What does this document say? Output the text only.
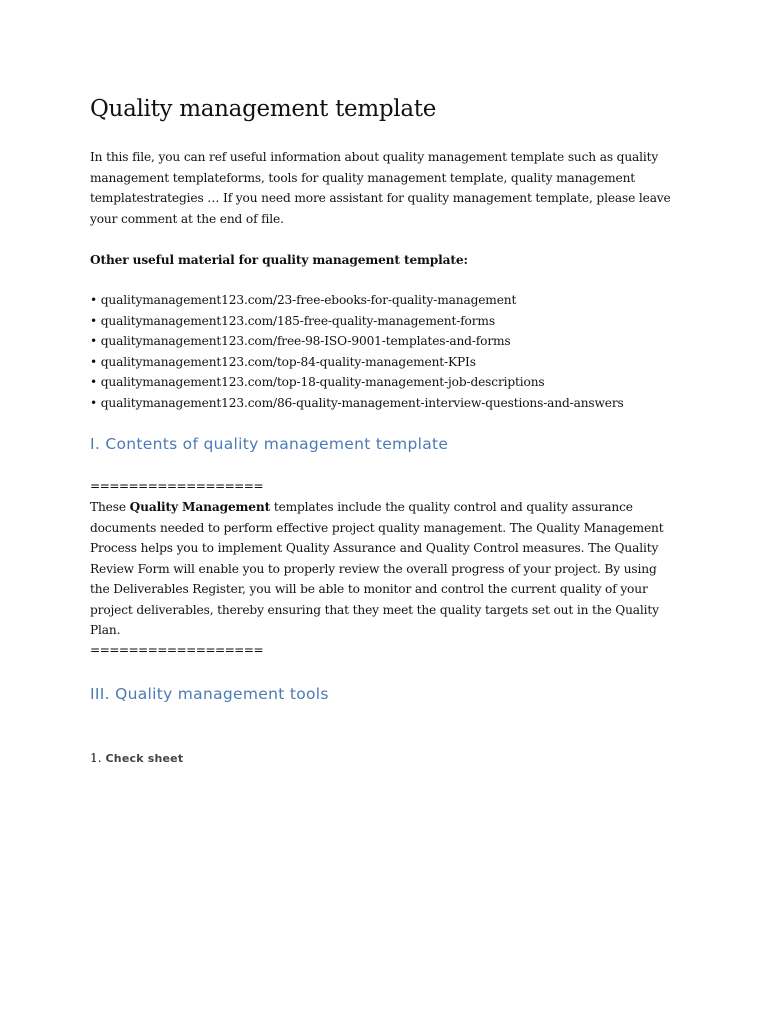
Quality management template

In this file, you can ref useful information about quality management template such as quality management templateforms, tools for quality management template, quality management templatestrategies … If you need more assistant for quality management template, please leave your comment at the end of file.

Other useful material for quality management template:

• qualitymanagement123.com/23-free-ebooks-for-quality-management
• qualitymanagement123.com/185-free-quality-management-forms
• qualitymanagement123.com/free-98-ISO-9001-templates-and-forms
• qualitymanagement123.com/top-84-quality-management-KPIs
• qualitymanagement123.com/top-18-quality-management-job-descriptions
• qualitymanagement123.com/86-quality-management-interview-questions-and-answers
I. Contents of quality management template

==================

These Quality Management templates include the quality control and quality assurance documents needed to perform effective project quality management. The Quality Management Process helps you to implement Quality Assurance and Quality Control measures. The Quality Review Form will enable you to properly review the overall progress of your project. By using the Deliverables Register, you will be able to monitor and control the current quality of your project deliverables, thereby ensuring that they meet the quality targets set out in the Quality Plan.

==================

III. Quality management tools

1. Check sheet
